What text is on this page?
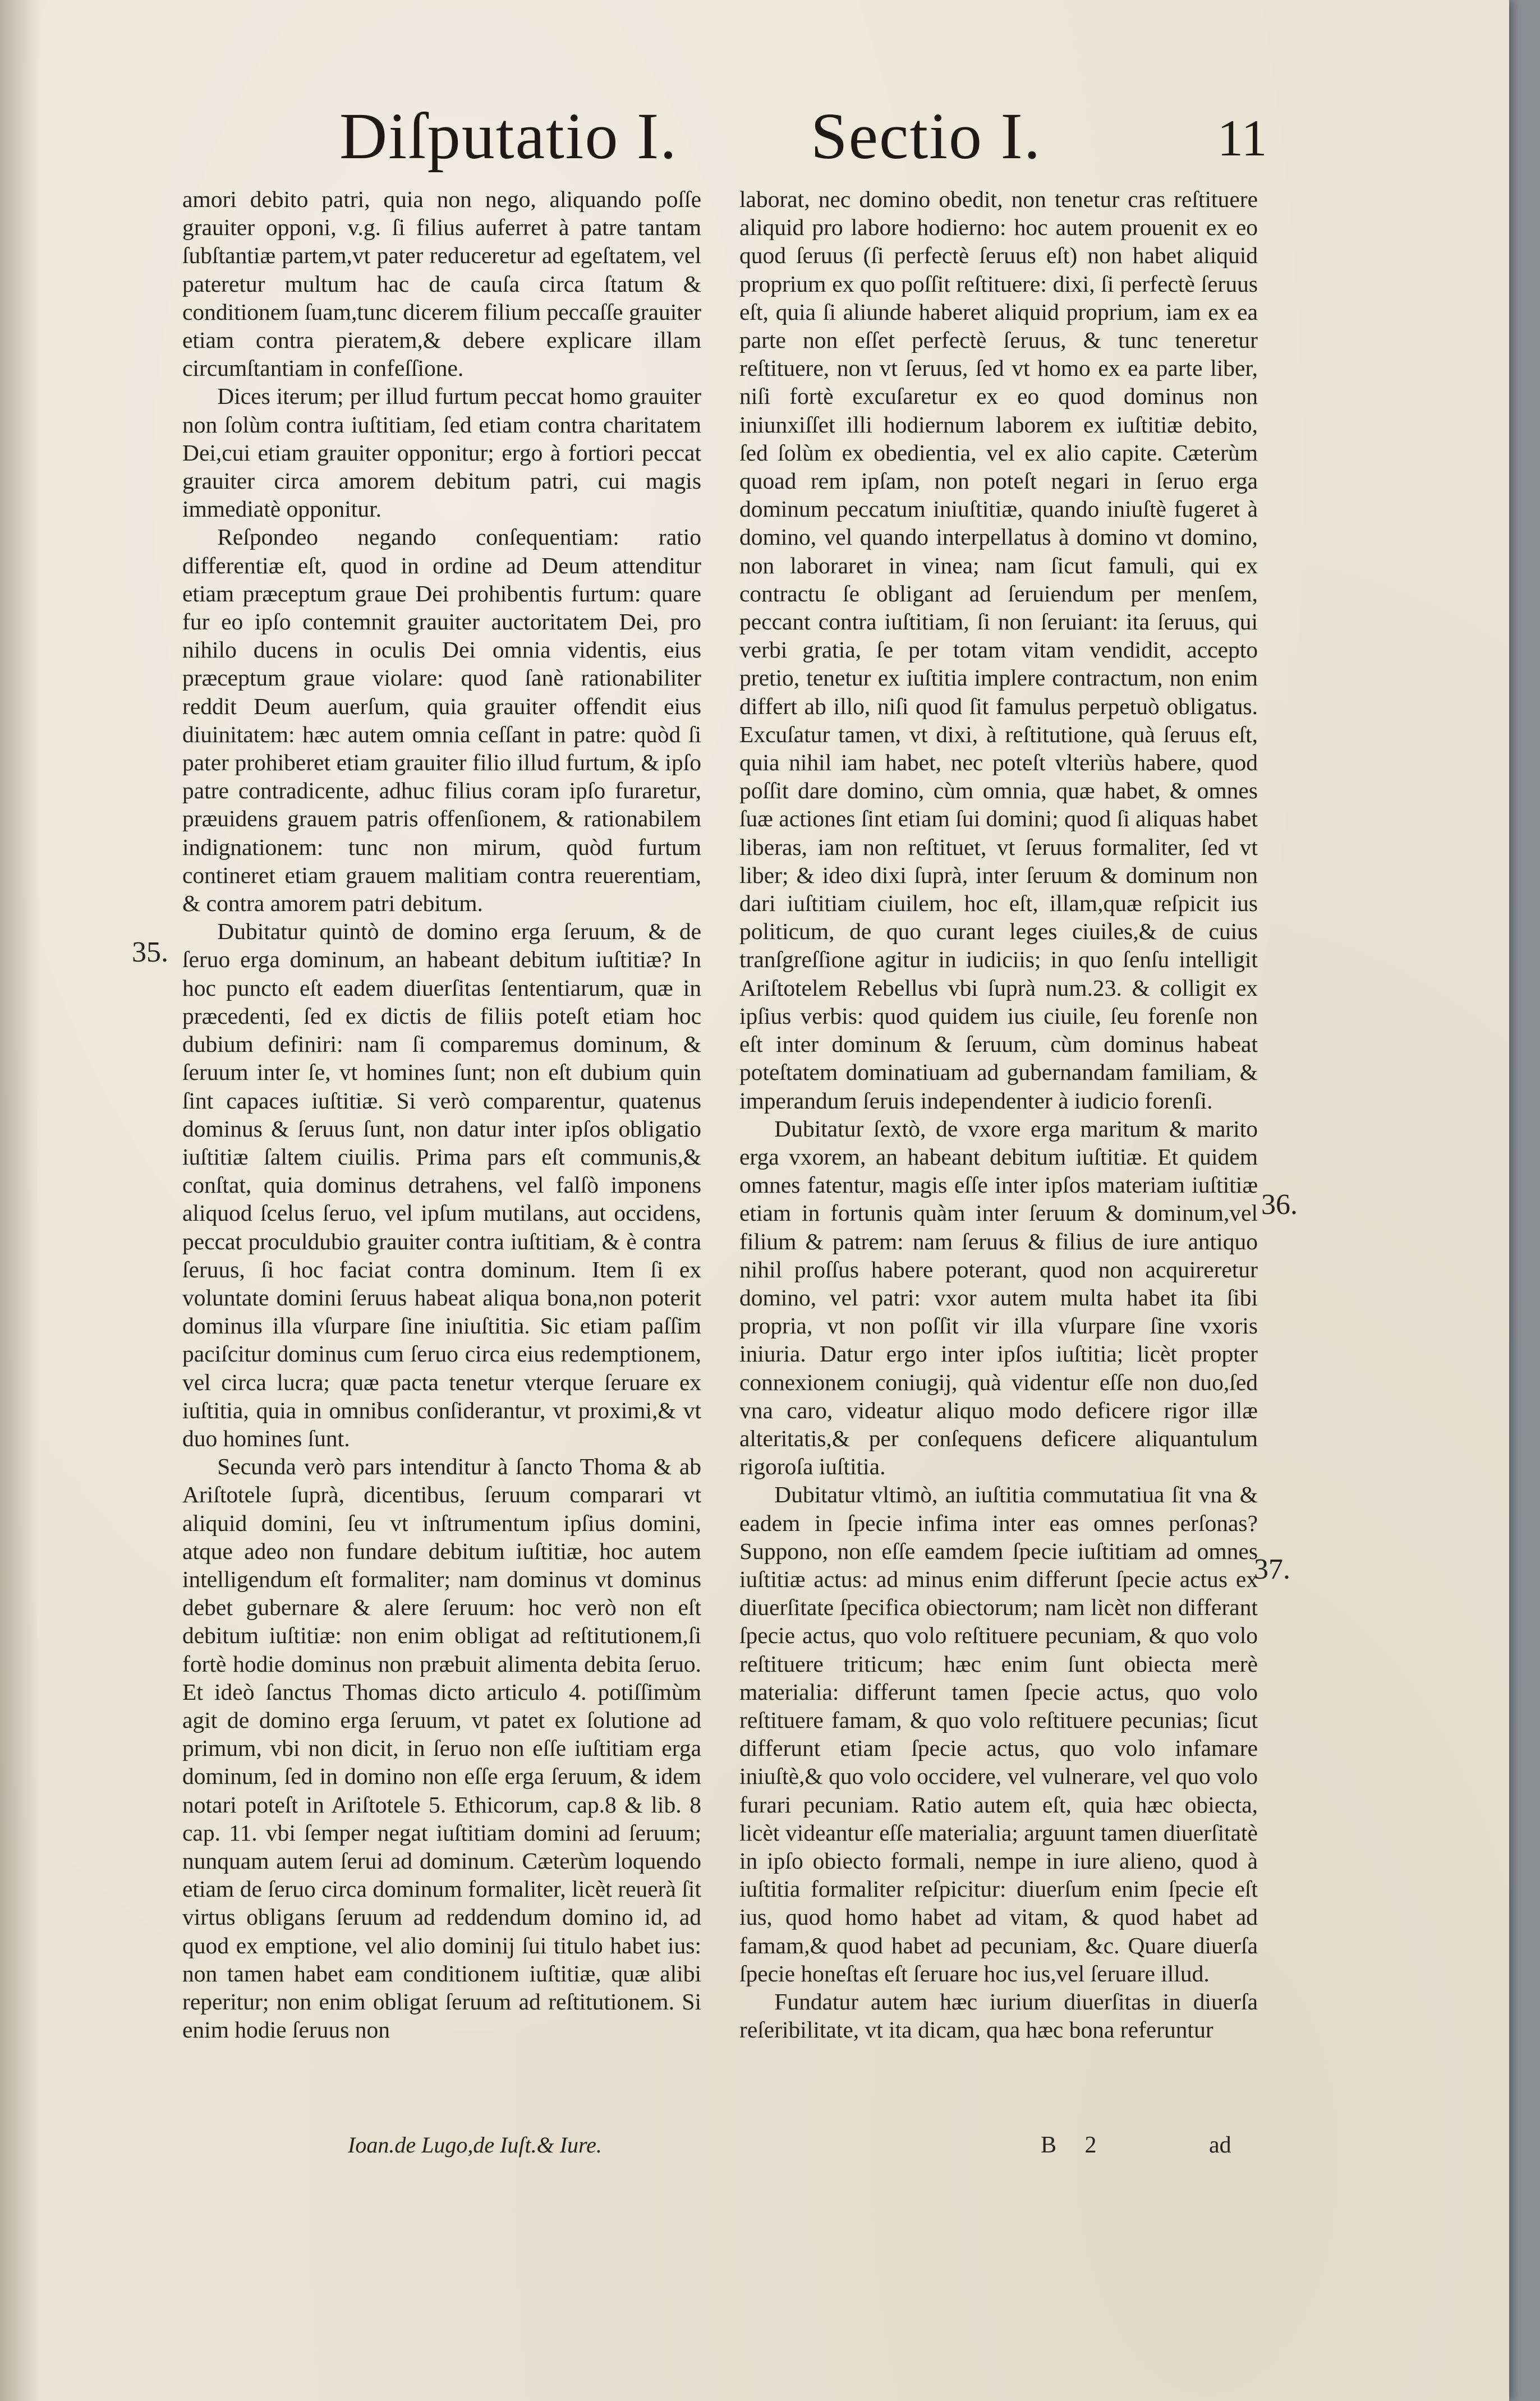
Diſputatio I. Sectio I.	11

amori debito patri, quia non nego, aliquando poſſe grauiter opponi, v.g. ſi filius auferret à patre tantam ſubſtantiæ partem,vt pater reduceretur ad egeſtatem, vel pateretur multum hac de cauſa circa ſtatum & conditionem ſuam,tunc dicerem filium peccaſſe grauiter etiam contra pieratem,& debere explicare illam circumſtantiam in confeſſione.

Dices iterum; per illud furtum peccat homo grauiter non ſolùm contra iuſtitiam, ſed etiam contra charitatem Dei,cui etiam grauiter opponitur; ergo à fortiori peccat grauiter circa amorem debitum patri, cui magis immediatè opponitur.

Reſpondeo negando conſequentiam: ratio differentiæ eſt, quod in ordine ad Deum attenditur etiam præceptum graue Dei prohibentis furtum: quare fur eo ipſo contemnit grauiter auctoritatem Dei, pro nihilo ducens in oculis Dei omnia videntis, eius præceptum graue violare: quod ſanè rationabiliter reddit Deum auerſum, quia grauiter offendit eius diuinitatem: hæc autem omnia ceſſant in patre: quòd ſi pater prohiberet etiam grauiter filio illud furtum, & ipſo patre contradicente, adhuc filius coram ipſo furaretur, præuidens grauem patris offenſionem, & rationabilem indignationem: tunc non mirum, quòd furtum contineret etiam grauem malitiam contra reuerentiam, & contra amorem patri debitum.

Dubitatur quintò de domino erga ſeruum, & de ſeruo erga dominum, an habeant debitum iuſtitiæ? In hoc puncto eſt eadem diuerſitas ſententiarum, quæ in præcedenti, ſed ex dictis de filiis poteſt etiam hoc dubium definiri: nam ſi comparemus dominum, & ſeruum inter ſe, vt homines ſunt; non eſt dubium quin ſint capaces iuſtitiæ. Si verò comparentur, quatenus dominus & ſeruus ſunt, non datur inter ipſos obligatio iuſtitiæ ſaltem ciuilis. Prima pars eſt communis,& conſtat, quia dominus detrahens, vel falſò imponens aliquod ſcelus ſeruo, vel ipſum mutilans, aut occidens, peccat proculdubio grauiter contra iuſtitiam, & è contra ſeruus, ſi hoc faciat contra dominum. Item ſi ex voluntate domini ſeruus habeat aliqua bona,non poterit dominus illa vſurpare ſine iniuſtitia. Sic etiam paſſim paciſcitur dominus cum ſeruo circa eius redemptionem, vel circa lucra; quæ pacta tenetur vterque ſeruare ex iuſtitia, quia in omnibus conſiderantur, vt proximi,& vt duo homines ſunt.

Secunda verò pars intenditur à ſancto Thoma & ab Ariſtotele ſuprà, dicentibus, ſeruum comparari vt aliquid domini, ſeu vt inſtrumentum ipſius domini, atque adeo non fundare debitum iuſtitiæ, hoc autem intelligendum eſt formaliter; nam dominus vt dominus debet gubernare & alere ſeruum: hoc verò non eſt debitum iuſtitiæ: non enim obligat ad reſtitutionem,ſi fortè hodie dominus non præbuit alimenta debita ſeruo. Et ideò ſanctus Thomas dicto articulo 4. potiſſimùm agit de domino erga ſeruum, vt patet ex ſolutione ad primum, vbi non dicit, in ſeruo non eſſe iuſtitiam erga dominum, ſed in domino non eſſe erga ſeruum, & idem notari poteſt in Ariſtotele 5. Ethicorum, cap.8 & lib. 8 cap. 11. vbi ſemper negat iuſtitiam domini ad ſeruum; nunquam autem ſerui ad dominum. Cæterùm loquendo etiam de ſeruo circa dominum formaliter, licèt reuerà ſit virtus obligans ſeruum ad reddendum domino id, ad quod ex emptione, vel alio dominij ſui titulo habet ius: non tamen habet eam conditionem iuſtitiæ, quæ alibi reperitur; non enim obligat ſeruum ad reſtitutionem. Si enim hodie ſeruus non

laborat, nec domino obedit, non tenetur cras reſtituere aliquid pro labore hodierno: hoc autem prouenit ex eo quod ſeruus (ſi perfectè ſeruus eſt) non habet aliquid proprium ex quo poſſit reſtituere: dixi, ſi perfectè ſeruus eſt, quia ſi aliunde haberet aliquid proprium, iam ex ea parte non eſſet perfectè ſeruus, & tunc teneretur reſtituere, non vt ſeruus, ſed vt homo ex ea parte liber, niſi fortè excuſaretur ex eo quod dominus non iniunxiſſet illi hodiernum laborem ex iuſtitiæ debito, ſed ſolùm ex obedientia, vel ex alio capite. Cæterùm quoad rem ipſam, non poteſt negari in ſeruo erga dominum peccatum iniuſtitiæ, quando iniuſtè fugeret à domino, vel quando interpellatus à domino vt domino, non laboraret in vinea; nam ſicut famuli, qui ex contractu ſe obligant ad ſeruiendum per menſem, peccant contra iuſtitiam, ſi non ſeruiant: ita ſeruus, qui verbi gratia, ſe per totam vitam vendidit, accepto pretio, tenetur ex iuſtitia implere contractum, non enim differt ab illo, niſi quod ſit famulus perpetuò obligatus. Excuſatur tamen, vt dixi, à reſtitutione, quà ſeruus eſt, quia nihil iam habet, nec poteſt vlteriùs habere, quod poſſit dare domino, cùm omnia, quæ habet, & omnes ſuæ actiones ſint etiam ſui domini; quod ſi aliquas habet liberas, iam non reſtituet, vt ſeruus formaliter, ſed vt liber; & ideo dixi ſuprà, inter ſeruum & dominum non dari iuſtitiam ciuilem, hoc eſt, illam,quæ reſpicit ius politicum, de quo curant leges ciuiles,& de cuius tranſgreſſione agitur in iudiciis; in quo ſenſu intelligit Ariſtotelem Rebellus vbi ſuprà num.23. & colligit ex ipſius verbis: quod quidem ius ciuile, ſeu forenſe non eſt inter dominum & ſeruum, cùm dominus habeat poteſtatem dominatiuam ad gubernandam familiam, & imperandum ſeruis independenter à iudicio forenſi.

Dubitatur ſextò, de vxore erga maritum & marito erga vxorem, an habeant debitum iuſtitiæ. Et quidem omnes fatentur, magis eſſe inter ipſos materiam iuſtitiæ etiam in fortunis quàm inter ſeruum & dominum,vel filium & patrem: nam ſeruus & filius de iure antiquo nihil proſſus habere poterant, quod non acquireretur domino, vel patri: vxor autem multa habet ita ſibi propria, vt non poſſit vir illa vſurpare ſine vxoris iniuria. Datur ergo inter ipſos iuſtitia; licèt propter connexionem coniugij, quà videntur eſſe non duo,ſed vna caro, videatur aliquo modo deficere rigor illæ alteritatis,& per conſequens deficere aliquantulum rigoroſa iuſtitia.

Dubitatur vltimò, an iuſtitia commutatiua ſit vna & eadem in ſpecie infima inter eas omnes perſonas? Suppono, non eſſe eamdem ſpecie iuſtitiam ad omnes iuſtitiæ actus: ad minus enim differunt ſpecie actus ex diuerſitate ſpecifica obiectorum; nam licèt non differant ſpecie actus, quo volo reſtituere pecuniam, & quo volo reſtituere triticum; hæc enim ſunt obiecta merè materialia: differunt tamen ſpecie actus, quo volo reſtituere famam, & quo volo reſtituere pecunias; ſicut differunt etiam ſpecie actus, quo volo infamare iniuſtè,& quo volo occidere, vel vulnerare, vel quo volo furari pecuniam. Ratio autem eſt, quia hæc obiecta, licèt videantur eſſe materialia; arguunt tamen diuerſitatè in ipſo obiecto formali, nempe in iure alieno, quod à iuſtitia formaliter reſpicitur: diuerſum enim ſpecie eſt ius, quod homo habet ad vitam, & quod habet ad famam,& quod habet ad pecuniam, &c. Quare diuerſa ſpecie honeſtas eſt ſeruare hoc ius,vel ſeruare illud.

Fundatur autem hæc iurium diuerſitas in diuerſa reſeribilitate, vt ita dicam, qua hæc bona referuntur

35.
36.
37.
Ioan.de Lugo,de Iuſt.& Iure.	B 2	ad
